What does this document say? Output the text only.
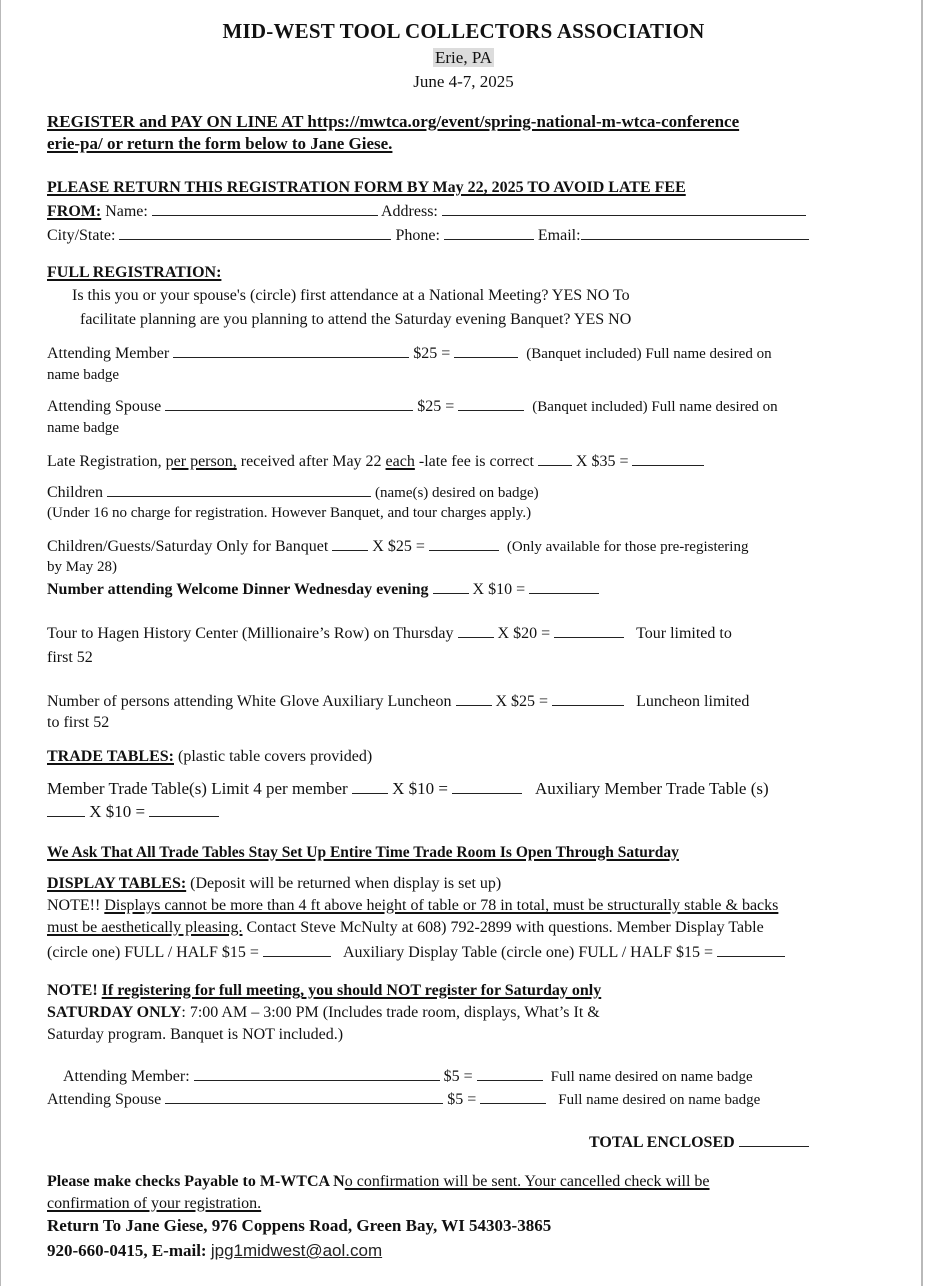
MID-WEST TOOL COLLECTORS ASSOCIATION
Erie, PA
June 4-7, 2025
REGISTER and PAY ON LINE AT https://mwtca.org/event/spring-national-m-wtca-conference
erie-pa/ or return the form below to Jane Giese.
PLEASE RETURN THIS REGISTRATION FORM BY May 22, 2025 TO AVOID LATE FEE
FROM: Name:	Address:
City/State:	Phone:	Email:
FULL REGISTRATION:
Is this you or your spouse's (circle) first attendance at a National Meeting? YES NO To
facilitate planning are you planning to attend the Saturday evening Banquet? YES NO
Attending Member	$25 =	(Banquet included) Full name desired on
name badge
Attending Spouse	$25 =	(Banquet included) Full name desired on
name badge
Late Registration, per person, received after May 22 each -late fee is correct	X $35 =
Children	(name(s) desired on badge)
(Under 16 no charge for registration. However Banquet, and tour charges apply.)
Children/Guests/Saturday Only for Banquet	X $25 =	(Only available for those pre-registering
by May 28)
Number attending Welcome Dinner Wednesday evening	X $10 =
Tour to Hagen History Center (Millionaire’s Row) on Thursday	X $20 =	Tour limited to
first 52
Number of persons attending White Glove Auxiliary Luncheon	X $25 =	Luncheon limited
to first 52
TRADE TABLES: (plastic table covers provided)
Member Trade Table(s) Limit 4 per member	X $10 =	Auxiliary Member Trade Table (s)
X $10 =
We Ask That All Trade Tables Stay Set Up Entire Time Trade Room Is Open Through Saturday
DISPLAY TABLES: (Deposit will be returned when display is set up)
NOTE!! Displays cannot be more than 4 ft above height of table or 78 in total, must be structurally stable & backs
must be aesthetically pleasing. Contact Steve McNulty at 608) 792-2899 with questions. Member Display Table
(circle one) FULL / HALF $15 =	Auxiliary Display Table (circle one) FULL / HALF $15 =
NOTE! If registering for full meeting, you should NOT register for Saturday only
SATURDAY ONLY: 7:00 AM – 3:00 PM (Includes trade room, displays, What’s It &
Saturday program. Banquet is NOT included.)
Attending Member:	$5 =	Full name desired on name badge
Attending Spouse	$5 =	Full name desired on name badge
TOTAL ENCLOSED
Please make checks Payable to M-WTCA No confirmation will be sent. Your cancelled check will be
confirmation of your registration.
Return To Jane Giese, 976 Coppens Road, Green Bay, WI 54303-3865
920-660-0415, E-mail: jpg1midwest@aol.com
